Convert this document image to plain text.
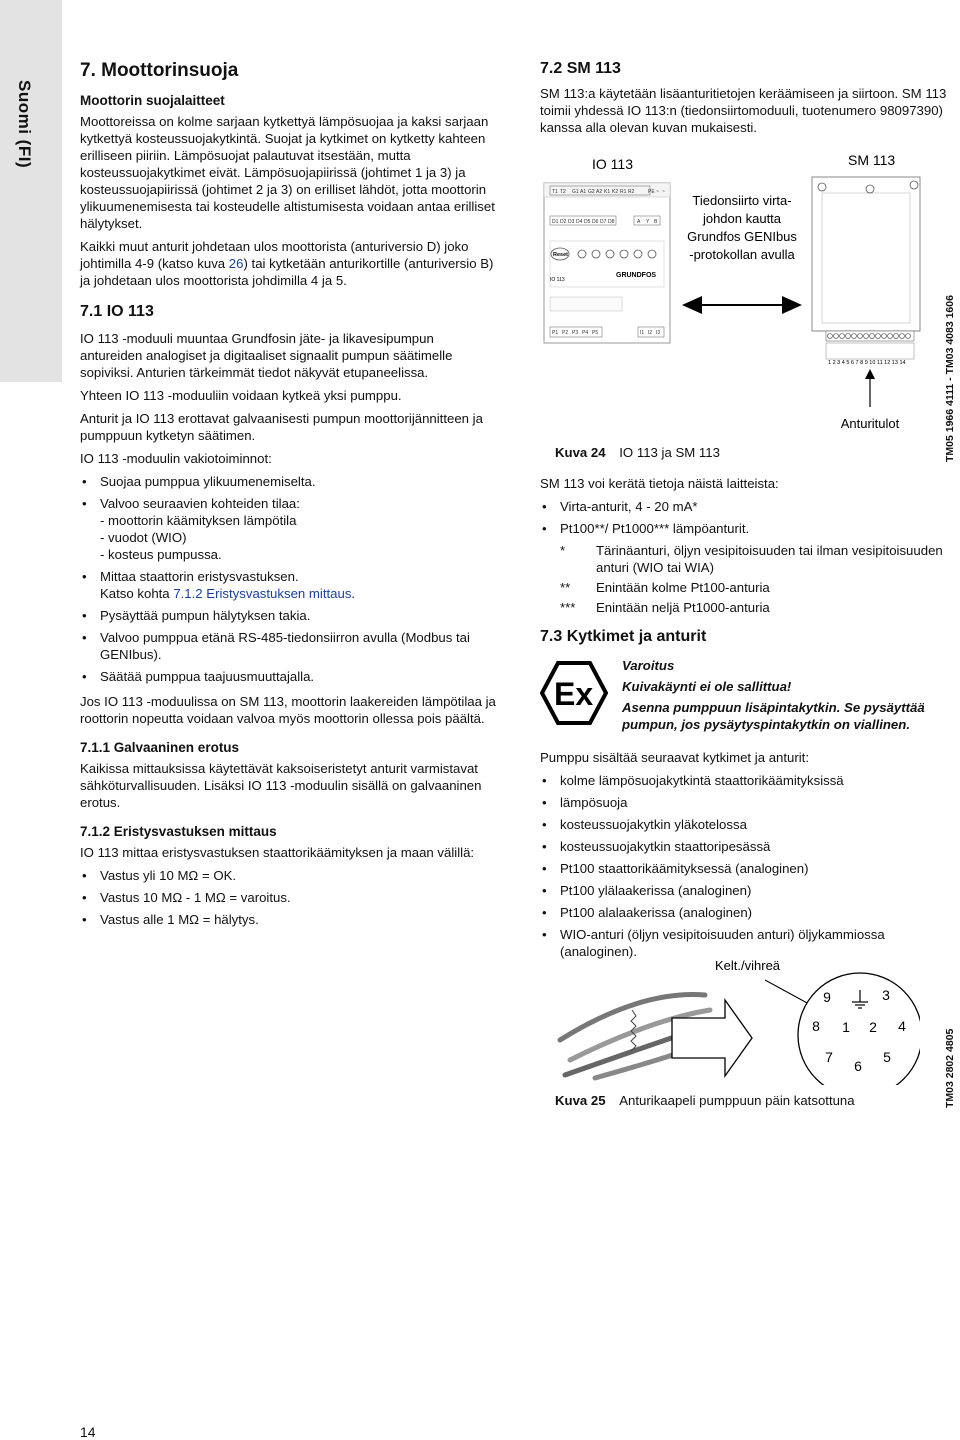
Suomi (FI)
7. Moottorinsuoja
Moottorin suojalaitteet

Moottoreissa on kolme sarjaan kytkettyä lämpösuojaa ja kaksi sarjaan kytkettyä kosteussuojakytkintä. Suojat ja kytkimet on kytketty kahteen erilliseen piiriin. Lämpösuojat palautuvat itsestään, mutta kosteussuojakytkimet eivät. Lämpösuojapiirissä (johtimet 1 ja 3) ja kosteussuojapiirissä (johtimet 2 ja 3) on erilliset lähdöt, jotta moottorin ylikuumenemisesta tai kosteudelle altistumisesta voidaan antaa erilliset hälytykset.

Kaikki muut anturit johdetaan ulos moottorista (anturiversio D) joko johtimilla 4-9 (katso kuva 26) tai kytketään anturikortille (anturiversio B) ja johdetaan ulos moottorista johdimilla 4 ja 5.

7.1 IO 113

IO 113 -moduuli muuntaa Grundfosin jäte- ja likavesipumpun antureiden analogiset ja digitaaliset signaalit pumpun säätimelle sopiviksi. Anturien tärkeimmät tiedot näkyvät etupaneelissa.

Yhteen IO 113 -moduuliin voidaan kytkeä yksi pumppu.

Anturit ja IO 113 erottavat galvaanisesti pumpun moottorijännitteen ja pumppuun kytketyn säätimen.

IO 113 -moduulin vakiotoiminnot:

• Suojaa pumppua ylikuumenemiselta.
• Valvoo seuraavien kohteiden tilaa:
- moottorin käämityksen lämpötila
- vuodot (WIO)
- kosteus pumpussa.
• Mittaa staattorin eristysvastuksen.
Katso kohta 7.1.2 Eristysvastuksen mittaus.
• Pysäyttää pumpun hälytyksen takia.
• Valvoo pumppua etänä RS-485-tiedonsiirron avulla (Modbus tai GENIbus).
• Säätää pumppua taajuusmuuttajalla.

Jos IO 113 -moduulissa on SM 113, moottorin laakereiden lämpötilaa ja roottorin nopeutta voidaan valvoa myös moottorin ollessa pois päältä.

7.1.1 Galvaaninen erotus

Kaikissa mittauksissa käytettävät kaksoiseristetyt anturit varmistavat sähköturvallisuuden. Lisäksi IO 113 -moduulin sisällä on galvaaninen erotus.

7.1.2 Eristysvastuksen mittaus

IO 113 mittaa eristysvastuksen staattorikäämityksen ja maan välillä:

• Vastus yli 10 MΩ = OK.
• Vastus 10 MΩ - 1 MΩ = varoitus.
• Vastus alle 1 MΩ = hälytys.
7.2 SM 113

SM 113:a käytetään lisäanturitietojen keräämiseen ja siirtoon. SM 113 toimii yhdessä IO 113:n (tiedonsiirtomoduuli, tuotenumero 98097390) kanssa alla olevan kuvan mukaisesti.

IO 113	SM 113
T1 T2 G1 A1 G2 A2 K1 K2 R1 R2	PE ~ ~
D1 D2 D3 D4 D5 D6 D7 D8	A Y B
Reset
IO 113
GRUNDFOS
P1 P2 P3 P4 P5	I1 I2 I3
Tiedonsiirto virta-
johdon kautta
Grundfos GENIbus
-protokollan avulla
1 2 3 4 5 6 7 8 9 10 11 12 13 14
Anturitulot	TM05 1966 4111 - TM03 4083 1606
Kuva 24 IO 113 ja SM 113

SM 113 voi kerätä tietoja näistä laitteista:

• Virta-anturit, 4 - 20 mA*
• Pt100**/ Pt1000*** lämpöanturit.
*	Tärinäanturi, öljyn vesipitoisuuden tai ilman vesipitoisuuden anturi (WIO tai WIA)
**	Enintään kolme Pt100-anturia
***	Enintään neljä Pt1000-anturia
7.3 Kytkimet ja anturit
Ex
Varoitus
Kuivakäynti ei ole sallittua!
Asenna pumppuun lisäpintakytkin. Se pysäyttää pumpun, jos pysäytyspintakytkin on viallinen.

Pumppu sisältää seuraavat kytkimet ja anturit:

• kolme lämpösuojakytkintä staattorikäämityksissä
• lämpösuoja
• kosteussuojakytkin yläkotelossa
• kosteussuojakytkin staattoripesässä
• Pt100 staattorikäämityksessä (analoginen)
• Pt100 ylälaakerissa (analoginen)
• Pt100 alalaakerissa (analoginen)
• WIO-anturi (öljyn vesipitoisuuden anturi) öljykammiossa (analoginen).
Kelt./vihreä
9	3
8 1 2 4
7
6
5	TM03 2802 4805
Kuva 25 Anturikaapeli pumppuun päin katsottuna
14
